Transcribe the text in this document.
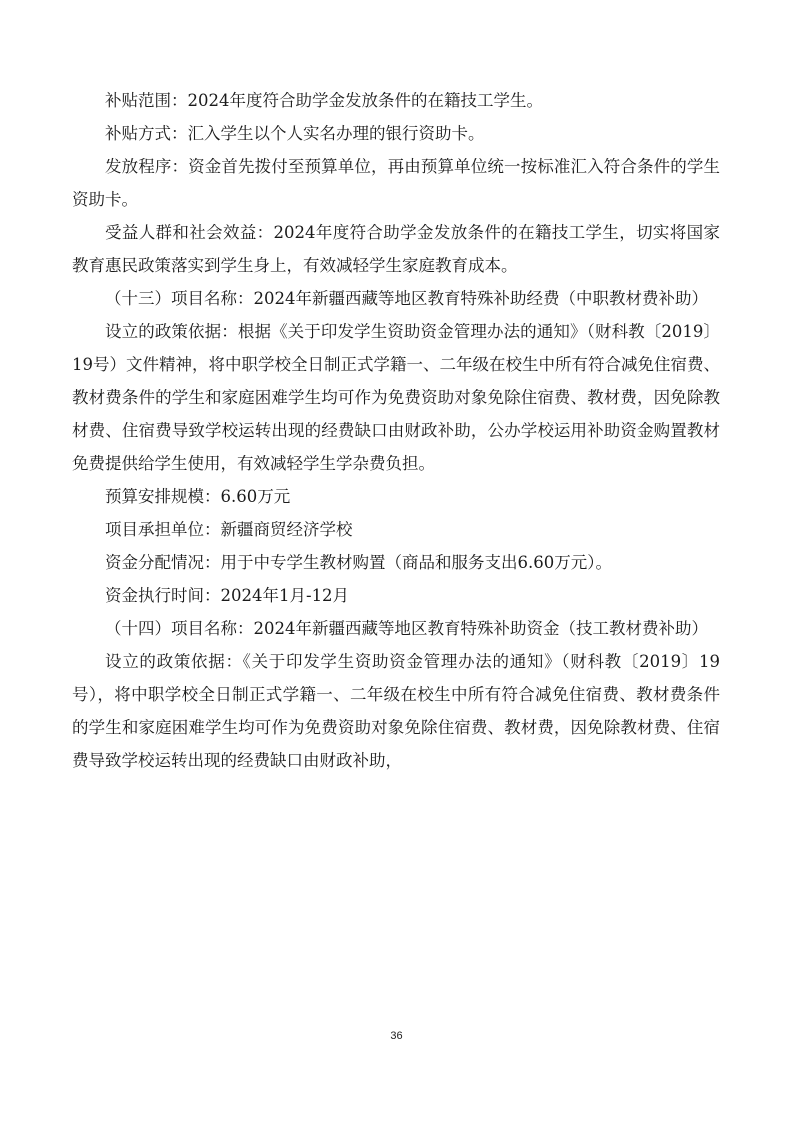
补贴范围：2024年度符合助学金发放条件的在籍技工学生。

补贴方式：汇入学生以个人实名办理的银行资助卡。

发放程序：资金首先拨付至预算单位，再由预算单位统一按标准汇入符合条件的学生资助卡。

受益人群和社会效益：2024年度符合助学金发放条件的在籍技工学生，切实将国家教育惠民政策落实到学生身上，有效减轻学生家庭教育成本。

（十三）项目名称：2024年新疆西藏等地区教育特殊补助经费（中职教材费补助）

设立的政策依据：根据《关于印发学生资助资金管理办法的通知》（财科教〔2019〕19号）文件精神，将中职学校全日制正式学籍一、二年级在校生中所有符合减免住宿费、教材费条件的学生和家庭困难学生均可作为免费资助对象免除住宿费、教材费，因免除教材费、住宿费导致学校运转出现的经费缺口由财政补助，公办学校运用补助资金购置教材免费提供给学生使用，有效减轻学生学杂费负担。

预算安排规模：6.60万元

项目承担单位：新疆商贸经济学校

资金分配情况：用于中专学生教材购置（商品和服务支出6.60万元）。

资金执行时间：2024年1月-12月

（十四）项目名称：2024年新疆西藏等地区教育特殊补助资金（技工教材费补助）

设立的政策依据：《关于印发学生资助资金管理办法的通知》（财科教〔2019〕19号），将中职学校全日制正式学籍一、二年级在校生中所有符合减免住宿费、教材费条件的学生和家庭困难学生均可作为免费资助对象免除住宿费、教材费，因免除教材费、住宿费导致学校运转出现的经费缺口由财政补助，

36
